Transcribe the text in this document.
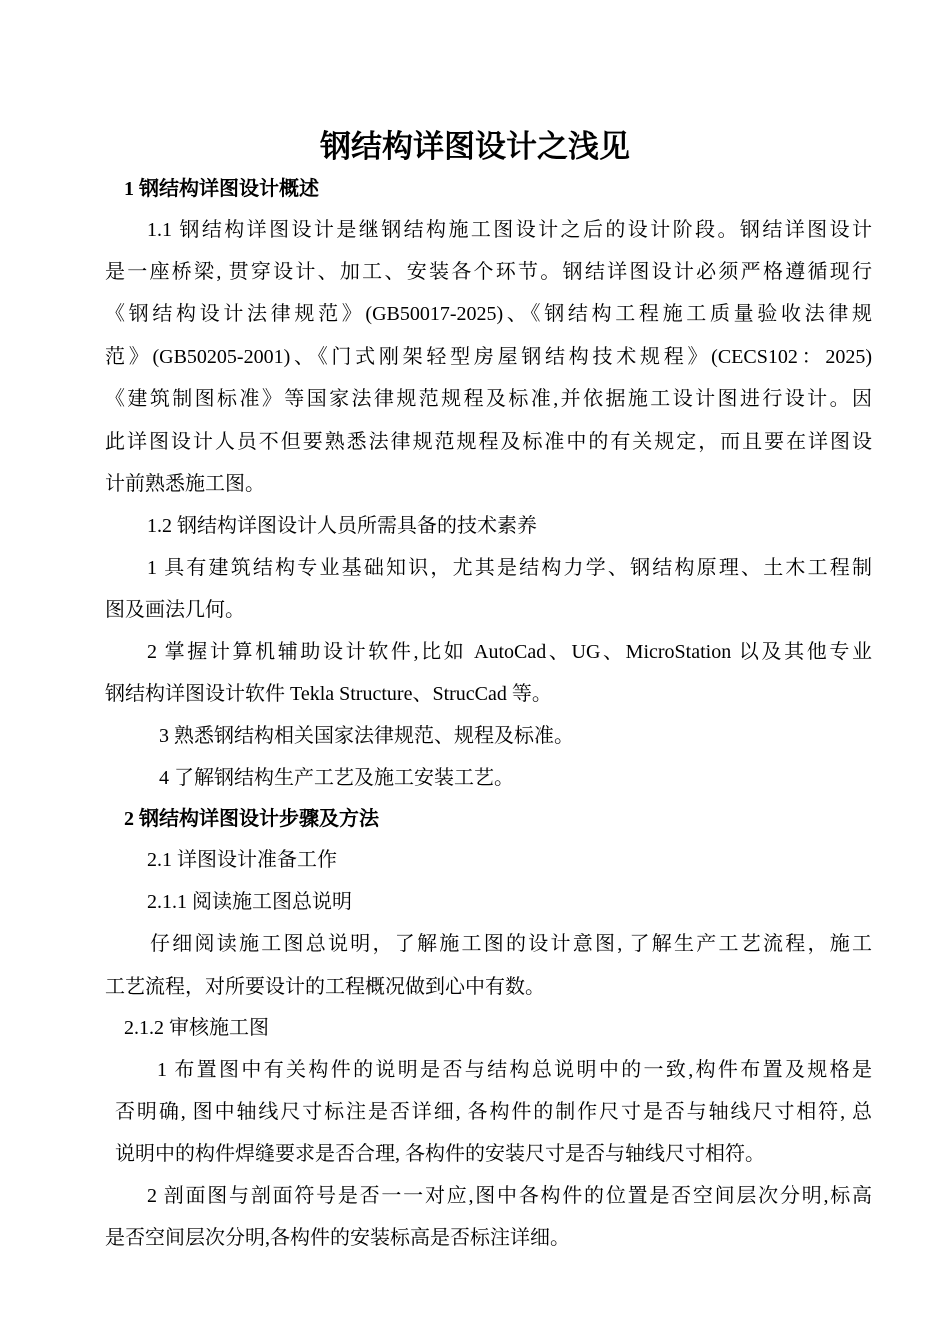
钢结构详图设计之浅见
1 钢结构详图设计概述
1.1 钢结构详图设计是继钢结构施工图设计之后的设计阶段。钢结详图设计
是一座桥梁, 贯穿设计、加工、安装各个环节。钢结详图设计必须严格遵循现行
《钢结构设计法律规范》(GB50017-2025)、《钢结构工程施工质量验收法律规
范》(GB50205-2001)、《门式刚架轻型房屋钢结构技术规程》(CECS102：2025)
《建筑制图标准》等国家法律规范规程及标准,并依据施工设计图进行设计。因
此详图设计人员不但要熟悉法律规范规程及标准中的有关规定，而且要在详图设
计前熟悉施工图。
1.2 钢结构详图设计人员所需具备的技术素养
1 具有建筑结构专业基础知识，尤其是结构力学、钢结构原理、土木工程制
图及画法几何。
2 掌握计算机辅助设计软件,比如 AutoCad、UG、MicroStation 以及其他专业
钢结构详图设计软件 Tekla Structure、StrucCad 等。
3 熟悉钢结构相关国家法律规范、规程及标准。
4 了解钢结构生产工艺及施工安装工艺。
2 钢结构详图设计步骤及方法
2.1 详图设计准备工作
2.1.1 阅读施工图总说明
仔细阅读施工图总说明，了解施工图的设计意图, 了解生产工艺流程，施工
工艺流程，对所要设计的工程概况做到心中有数。
2.1.2 审核施工图
1 布置图中有关构件的说明是否与结构总说明中的一致,构件布置及规格是
否明确, 图中轴线尺寸标注是否详细, 各构件的制作尺寸是否与轴线尺寸相符, 总
说明中的构件焊缝要求是否合理, 各构件的安装尺寸是否与轴线尺寸相符。
2 剖面图与剖面符号是否一一对应,图中各构件的位置是否空间层次分明,标高
是否空间层次分明,各构件的安装标高是否标注详细。
